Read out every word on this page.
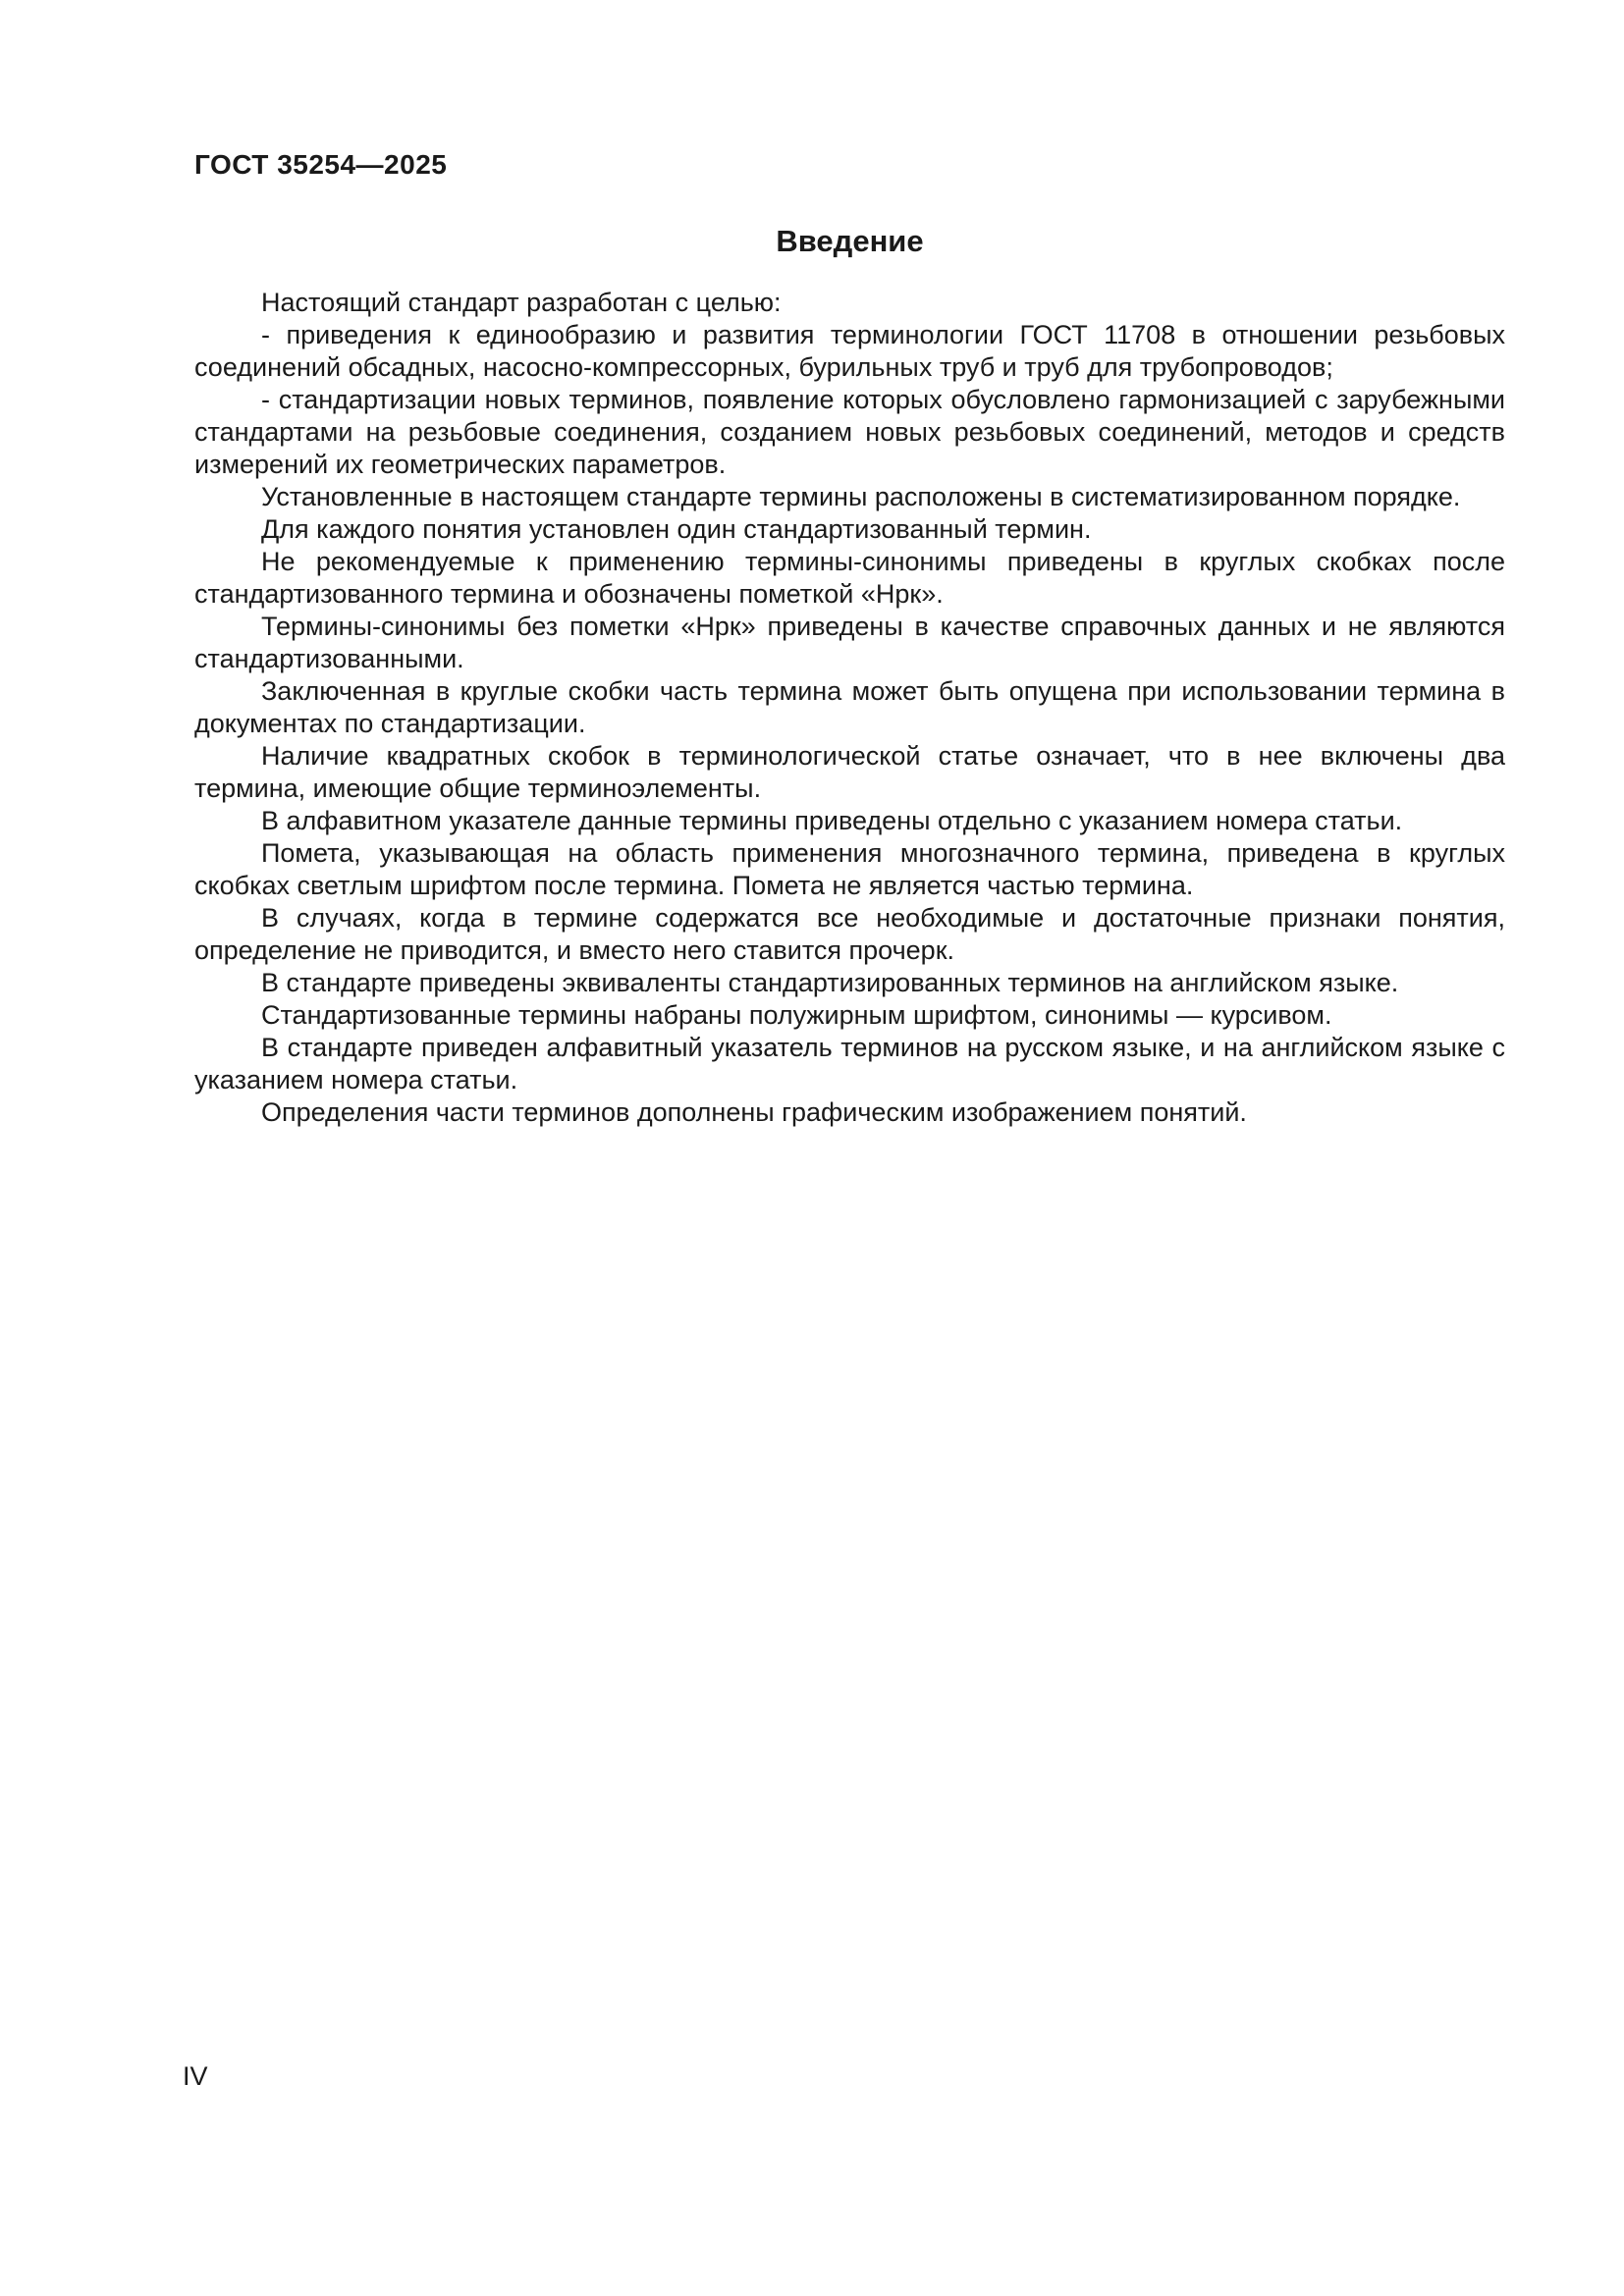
ГОСТ 35254—2025
Введение

Настоящий стандарт разработан с целью:

- приведения к единообразию и развития терминологии ГОСТ 11708 в отношении резьбовых соединений обсадных, насосно-компрессорных, бурильных труб и труб для трубопроводов;

- стандартизации новых терминов, появление которых обусловлено гармонизацией с зарубежными стандартами на резьбовые соединения, созданием новых резьбовых соединений, методов и средств измерений их геометрических параметров.

Установленные в настоящем стандарте термины расположены в систематизированном порядке.

Для каждого понятия установлен один стандартизованный термин.

Не рекомендуемые к применению термины-синонимы приведены в круглых скобках после стандартизованного термина и обозначены пометкой «Нрк».

Термины-синонимы без пометки «Нрк» приведены в качестве справочных данных и не являются стандартизованными.

Заключенная в круглые скобки часть термина может быть опущена при использовании термина в документах по стандартизации.

Наличие квадратных скобок в терминологической статье означает, что в нее включены два термина, имеющие общие терминоэлементы.

В алфавитном указателе данные термины приведены отдельно с указанием номера статьи.

Помета, указывающая на область применения многозначного термина, приведена в круглых скобках светлым шрифтом после термина. Помета не является частью термина.

В случаях, когда в термине содержатся все необходимые и достаточные признаки понятия, определение не приводится, и вместо него ставится прочерк.

В стандарте приведены эквиваленты стандартизированных терминов на английском языке.

Стандартизованные термины набраны полужирным шрифтом, синонимы — курсивом.

В стандарте приведен алфавитный указатель терминов на русском языке, и на английском языке с указанием номера статьи.

Определения части терминов дополнены графическим изображением понятий.

IV
